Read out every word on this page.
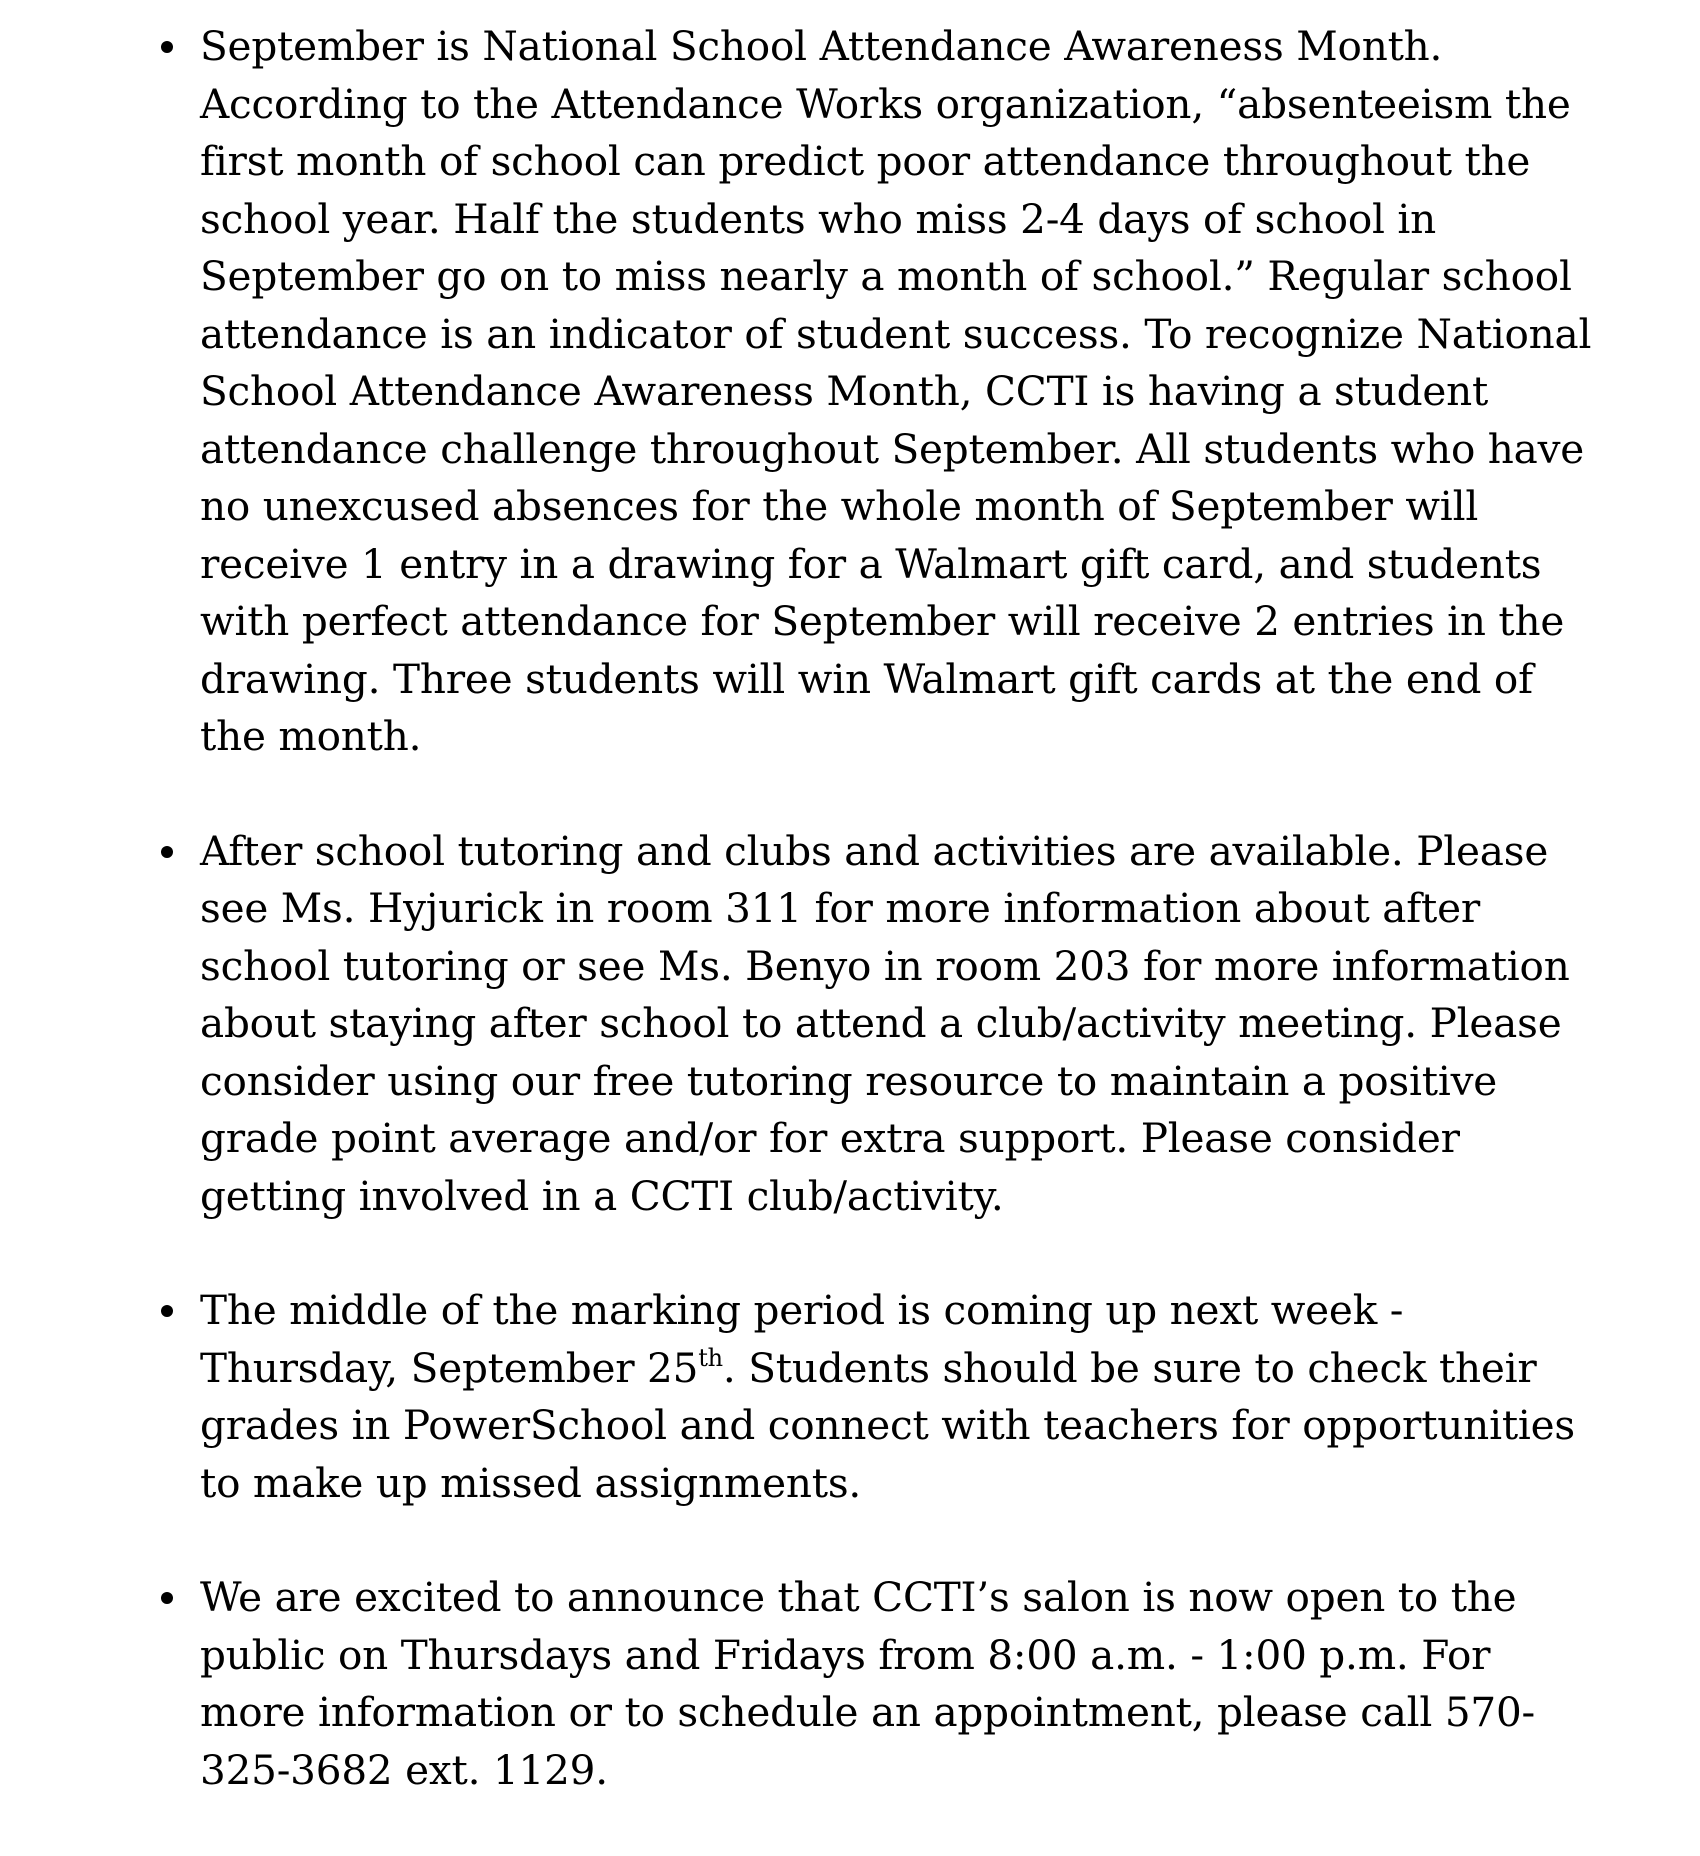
September is National School Attendance Awareness Month. According to the Attendance Works organization, “absenteeism the first month of school can predict poor attendance throughout the school year. Half the students who miss 2-4 days of school in September go on to miss nearly a month of school.” Regular school attendance is an indicator of student success. To recognize National School Attendance Awareness Month, CCTI is having a student attendance challenge throughout September. All students who have no unexcused absences for the whole month of September will receive 1 entry in a drawing for a Walmart gift card, and students with perfect attendance for September will receive 2 entries in the drawing. Three students will win Walmart gift cards at the end of the month.
After school tutoring and clubs and activities are available. Please see Ms. Hyjurick in room 311 for more information about after school tutoring or see Ms. Benyo in room 203 for more information about staying after school to attend a club/activity meeting. Please consider using our free tutoring resource to maintain a positive grade point average and/or for extra support. Please consider getting involved in a CCTI club/activity.
The middle of the marking period is coming up next week - Thursday, September 25th. Students should be sure to check their grades in PowerSchool and connect with teachers for opportunities to make up missed assignments.
We are excited to announce that CCTI’s salon is now open to the public on Thursdays and Fridays from 8:00 a.m. - 1:00 p.m. For more information or to schedule an appointment, please call 570-325-3682 ext. 1129.
